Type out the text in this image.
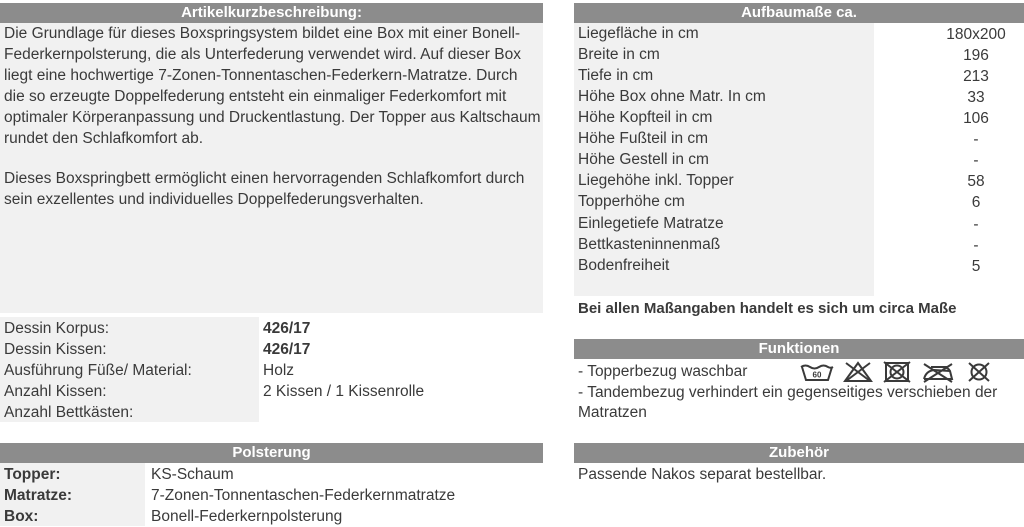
Artikelkurzbeschreibung:
Die Grundlage für dieses Boxspringsystem bildet eine Box mit einer Bonell-Federkernpolsterung, die als Unterfederung verwendet wird. Auf dieser Box liegt eine hochwertige 7-Zonen-Tonnentaschen-Federkern-Matratze. Durch die so erzeugte Doppelfederung entsteht ein einmaliger Federkomfort mit optimaler Körperanpassung und Druckentlastung. Der Topper aus Kaltschaum rundet den Schlafkomfort ab.
Dieses Boxspringbett ermöglicht einen hervorragenden Schlafkomfort durch sein exzellentes und individuelles Doppelfederungsverhalten.
Dessin Korpus:	426/17
Dessin Kissen:	426/17
Ausführung Füße/ Material:	Holz
Anzahl Kissen:	2 Kissen / 1 Kissenrolle
Anzahl Bettkästen:
Polsterung
Topper:	KS-Schaum
Matratze:	7-Zonen-Tonnentaschen-Federkernmatratze
Box:	Bonell-Federkernpolsterung
Aufbaumaße ca.
Liegefläche in cm	180x200
Breite in cm	196
Tiefe in cm	213
Höhe Box ohne Matr. In cm	33
Höhe Kopfteil in cm	106
Höhe Fußteil in cm	-
Höhe Gestell in cm	-
Liegehöhe inkl. Topper	58
Topperhöhe cm	6
Einlegetiefe Matratze	-
Bettkasteninnenmaß	-
Bodenfreiheit	5
Bei allen Maßangaben handelt es sich um circa Maße
Funktionen
- Topperbezug waschbar	60

- Tandembezug verhindert ein gegenseitiges verschieben der
Matratzen
Zubehör
Passende Nakos separat bestellbar.
